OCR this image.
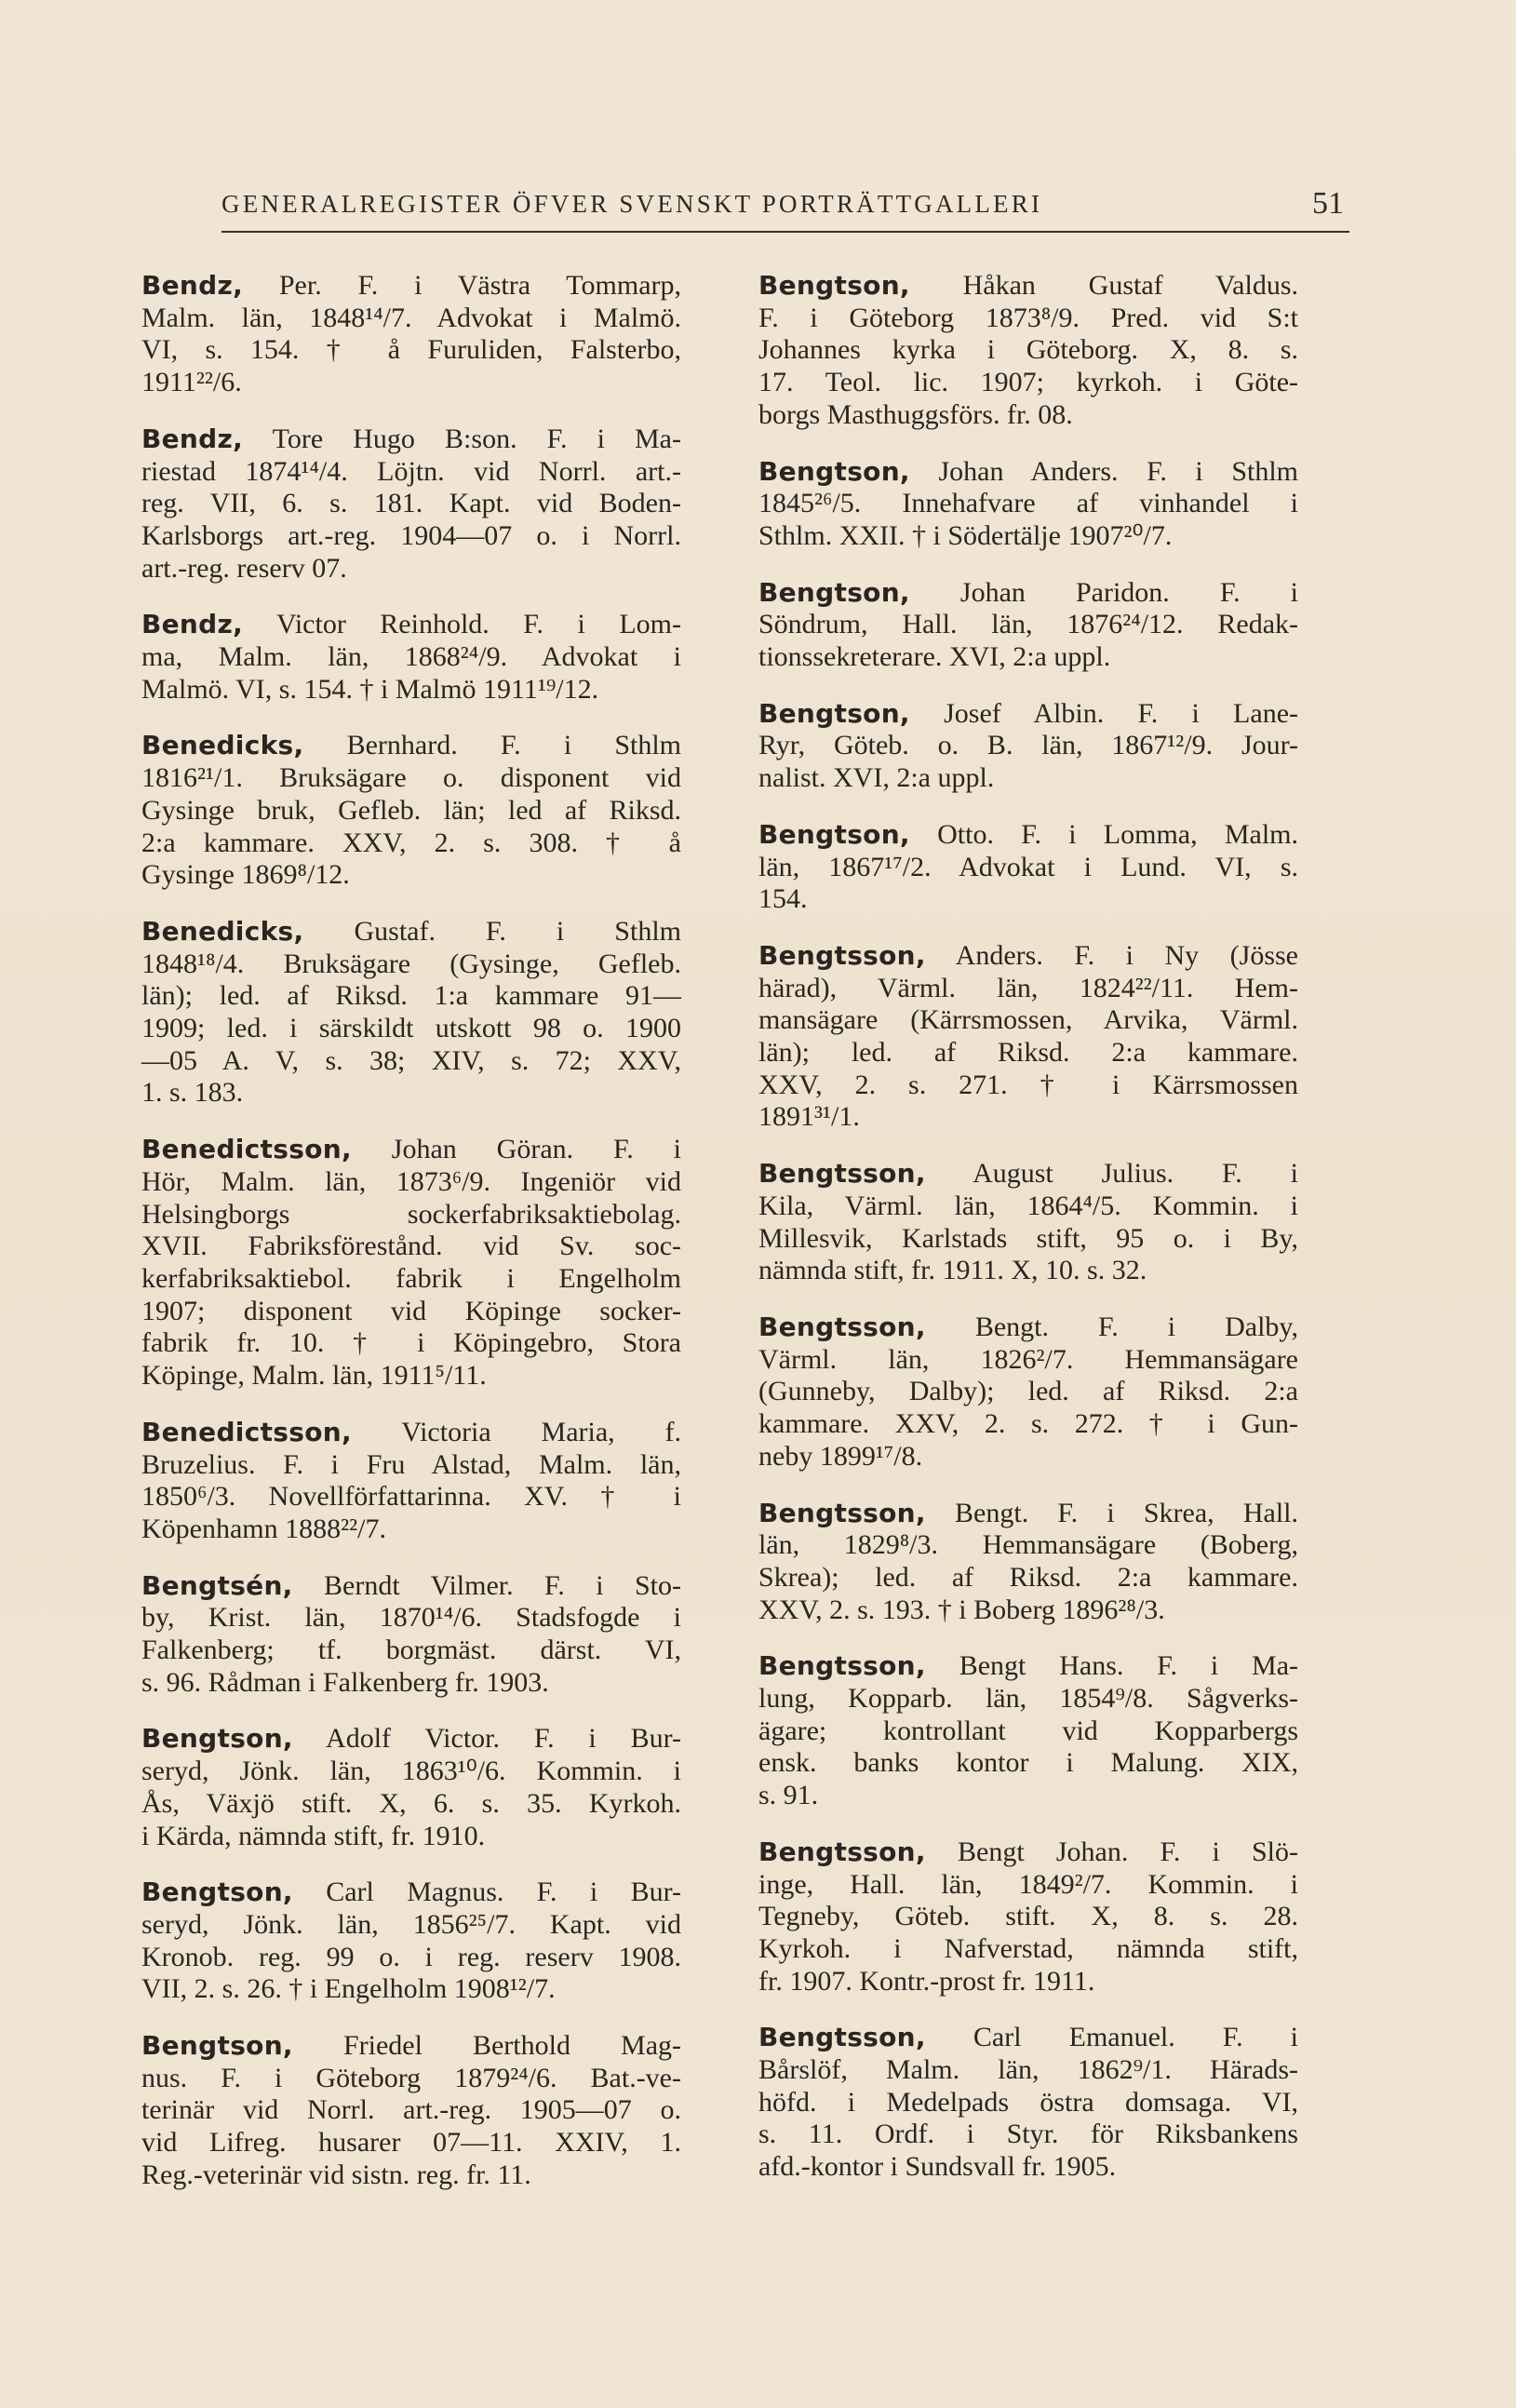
GENERALREGISTER ÖFVER SVENSKT PORTRÄTTGALLERI	51
Bendz, Per. F. i Västra Tommarp,
Malm. län, 1848¹⁴/7. Advokat i Malmö.
VI, s. 154. † å Furuliden, Falsterbo,
1911²²/6.
Bendz, Tore Hugo B:son. F. i Ma-
riestad 1874¹⁴/4. Löjtn. vid Norrl. art.-
reg. VII, 6. s. 181. Kapt. vid Boden-
Karlsborgs art.-reg. 1904—07 o. i Norrl.
art.-reg. reserv 07.
Bendz, Victor Reinhold. F. i Lom-
ma, Malm. län, 1868²⁴/9. Advokat i
Malmö. VI, s. 154. † i Malmö 1911¹⁹/12.
Benedicks, Bernhard. F. i Sthlm
1816²¹/1. Bruksägare o. disponent vid
Gysinge bruk, Gefleb. län; led af Riksd.
2:a kammare. XXV, 2. s. 308. † å
Gysinge 1869⁸/12.
Benedicks, Gustaf. F. i Sthlm
1848¹⁸/4. Bruksägare (Gysinge, Gefleb.
län); led. af Riksd. 1:a kammare 91—
1909; led. i särskildt utskott 98 o. 1900
—05 A. V, s. 38; XIV, s. 72; XXV,
1. s. 183.
Benedictsson, Johan Göran. F. i
Hör, Malm. län, 1873⁶/9. Ingeniör vid
Helsingborgs sockerfabriksaktiebolag.
XVII. Fabriksförestånd. vid Sv. soc-
kerfabriksaktiebol. fabrik i Engelholm
1907; disponent vid Köpinge socker-
fabrik fr. 10. † i Köpingebro, Stora
Köpinge, Malm. län, 1911⁵/11.
Benedictsson, Victoria Maria, f.
Bruzelius. F. i Fru Alstad, Malm. län,
1850⁶/3. Novellförfattarinna. XV. † i
Köpenhamn 1888²²/7.
Bengtsén, Berndt Vilmer. F. i Sto-
by, Krist. län, 1870¹⁴/6. Stadsfogde i
Falkenberg; tf. borgmäst. därst. VI,
s. 96. Rådman i Falkenberg fr. 1903.
Bengtson, Adolf Victor. F. i Bur-
seryd, Jönk. län, 1863¹⁰/6. Kommin. i
Ås, Växjö stift. X, 6. s. 35. Kyrkoh.
i Kärda, nämnda stift, fr. 1910.
Bengtson, Carl Magnus. F. i Bur-
seryd, Jönk. län, 1856²⁵/7. Kapt. vid
Kronob. reg. 99 o. i reg. reserv 1908.
VII, 2. s. 26. † i Engelholm 1908¹²/7.
Bengtson, Friedel Berthold Mag-
nus. F. i Göteborg 1879²⁴/6. Bat.-ve-
terinär vid Norrl. art.-reg. 1905—07 o.
vid Lifreg. husarer 07—11. XXIV, 1.
Reg.-veterinär vid sistn. reg. fr. 11.
Bengtson, Håkan Gustaf Valdus.
F. i Göteborg 1873⁸/9. Pred. vid S:t
Johannes kyrka i Göteborg. X, 8. s.
17. Teol. lic. 1907; kyrkoh. i Göte-
borgs Masthuggsförs. fr. 08.
Bengtson, Johan Anders. F. i Sthlm
1845²⁶/5. Innehafvare af vinhandel i
Sthlm. XXII. † i Södertälje 1907²⁰/7.
Bengtson, Johan Paridon. F. i
Söndrum, Hall. län, 1876²⁴/12. Redak-
tionssekreterare. XVI, 2:a uppl.
Bengtson, Josef Albin. F. i Lane-
Ryr, Göteb. o. B. län, 1867¹²/9. Jour-
nalist. XVI, 2:a uppl.
Bengtson, Otto. F. i Lomma, Malm.
län, 1867¹⁷/2. Advokat i Lund. VI, s.
154.
Bengtsson, Anders. F. i Ny (Jösse
härad), Värml. län, 1824²²/11. Hem-
mansägare (Kärrsmossen, Arvika, Värml.
län); led. af Riksd. 2:a kammare.
XXV, 2. s. 271. † i Kärrsmossen
1891³¹/1.
Bengtsson, August Julius. F. i
Kila, Värml. län, 1864⁴/5. Kommin. i
Millesvik, Karlstads stift, 95 o. i By,
nämnda stift, fr. 1911. X, 10. s. 32.
Bengtsson, Bengt. F. i Dalby,
Värml. län, 1826²/7. Hemmansägare
(Gunneby, Dalby); led. af Riksd. 2:a
kammare. XXV, 2. s. 272. † i Gun-
neby 1899¹⁷/8.
Bengtsson, Bengt. F. i Skrea, Hall.
län, 1829⁸/3. Hemmansägare (Boberg,
Skrea); led. af Riksd. 2:a kammare.
XXV, 2. s. 193. † i Boberg 1896²⁸/3.
Bengtsson, Bengt Hans. F. i Ma-
lung, Kopparb. län, 1854⁹/8. Sågverks-
ägare; kontrollant vid Kopparbergs
ensk. banks kontor i Malung. XIX,
s. 91.
Bengtsson, Bengt Johan. F. i Slö-
inge, Hall. län, 1849²/7. Kommin. i
Tegneby, Göteb. stift. X, 8. s. 28.
Kyrkoh. i Nafverstad, nämnda stift,
fr. 1907. Kontr.-prost fr. 1911.
Bengtsson, Carl Emanuel. F. i
Bårslöf, Malm. län, 1862⁹/1. Härads-
höfd. i Medelpads östra domsaga. VI,
s. 11. Ordf. i Styr. för Riksbankens
afd.-kontor i Sundsvall fr. 1905.
